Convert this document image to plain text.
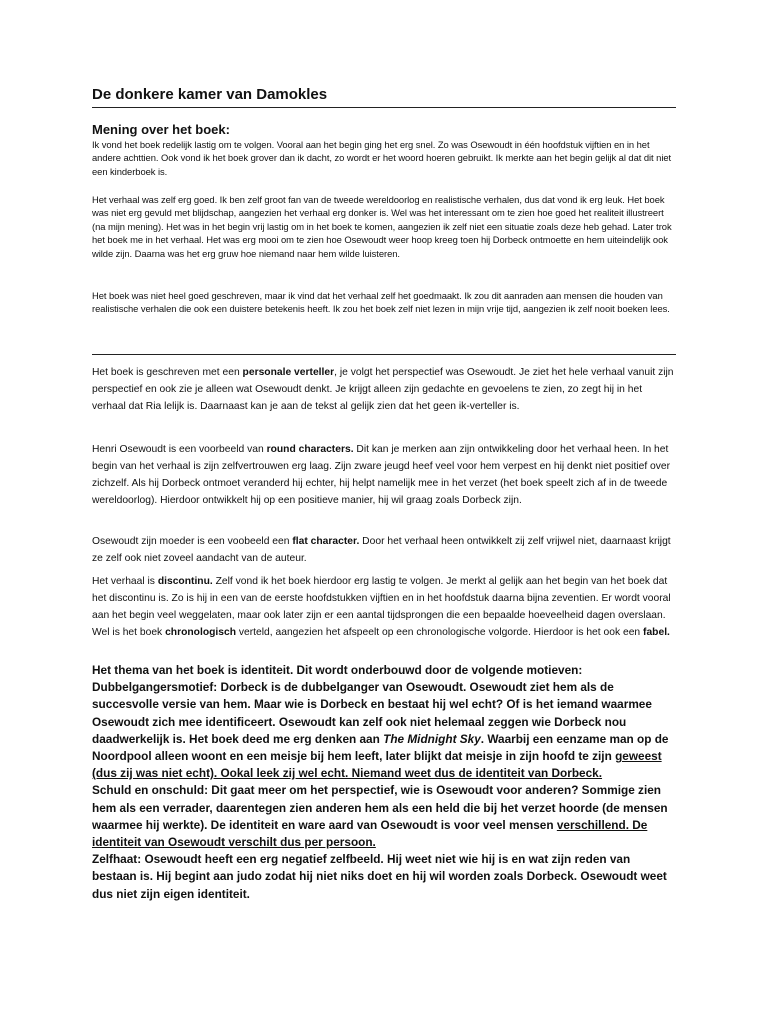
De donkere kamer van Damokles
Mening over het boek:

Ik vond het boek redelijk lastig om te volgen. Vooral aan het begin ging het erg snel. Zo was Osewoudt in één hoofdstuk vijftien en in het andere achttien. Ook vond ik het boek grover dan ik dacht, zo wordt er het woord hoeren gebruikt. Ik merkte aan het begin gelijk al dat dit niet een kinderboek is.

Het verhaal was zelf erg goed. Ik ben zelf groot fan van de tweede wereldoorlog en realistische verhalen, dus dat vond ik erg leuk. Het boek was niet erg gevuld met blijdschap, aangezien het verhaal erg donker is. Wel was het interessant om te zien hoe goed het realiteit illustreert (na mijn mening). Het was in het begin vrij lastig om in het boek te komen, aangezien ik zelf niet een situatie zoals deze heb gehad. Later trok het boek me in het verhaal. Het was erg mooi om te zien hoe Osewoudt weer hoop kreeg toen hij Dorbeck ontmoette en hem uiteindelijk ook wilde zijn. Daarna was het erg gruw hoe niemand naar hem wilde luisteren.

Het boek was niet heel goed geschreven, maar ik vind dat het verhaal zelf het goedmaakt. Ik zou dit aanraden aan mensen die houden van realistische verhalen die ook een duistere betekenis heeft. Ik zou het boek zelf niet lezen in mijn vrije tijd, aangezien ik zelf nooit boeken lees.

Het boek is geschreven met een personale verteller, je volgt het perspectief was Osewoudt. Je ziet het hele verhaal vanuit zijn perspectief en ook zie je alleen wat Osewoudt denkt. Je krijgt alleen zijn gedachte en gevoelens te zien, zo zegt hij in het verhaal dat Ria lelijk is. Daarnaast kan je aan de tekst al gelijk zien dat het geen ik-verteller is.

Henri Osewoudt is een voorbeeld van round characters. Dit kan je merken aan zijn ontwikkeling door het verhaal heen. In het begin van het verhaal is zijn zelfvertrouwen erg laag. Zijn zware jeugd heef veel voor hem verpest en hij denkt niet positief over zichzelf. Als hij Dorbeck ontmoet veranderd hij echter, hij helpt namelijk mee in het verzet (het boek speelt zich af in de tweede wereldoorlog). Hierdoor ontwikkelt hij op een positieve manier, hij wil graag zoals Dorbeck zijn.

Osewoudt zijn moeder is een voobeeld een flat character. Door het verhaal heen ontwikkelt zij zelf vrijwel niet, daarnaast krijgt ze zelf ook niet zoveel aandacht van de auteur.

Het verhaal is discontinu. Zelf vond ik het boek hierdoor erg lastig te volgen. Je merkt al gelijk aan het begin van het boek dat het discontinu is. Zo is hij in een van de eerste hoofdstukken vijftien en in het hoofdstuk daarna bijna zeventien. Er wordt vooral aan het begin veel weggelaten, maar ook later zijn er een aantal tijdsprongen die een bepaalde hoeveelheid dagen overslaan. Wel is het boek chronologisch verteld, aangezien het afspeelt op een chronologische volgorde. Hierdoor is het ook een fabel.

Het thema van het boek is identiteit. Dit wordt onderbouwd door de volgende motieven:
Dubbelgangersmotief: Dorbeck is de dubbelganger van Osewoudt. Osewoudt ziet hem als de succesvolle versie van hem. Maar wie is Dorbeck en bestaat hij wel echt? Of is het iemand waarmee Osewoudt zich mee identificeert. Osewoudt kan zelf ook niet helemaal zeggen wie Dorbeck nou daadwerkelijk is. Het boek deed me erg denken aan The Midnight Sky. Waarbij een eenzame man op de Noordpool alleen woont en een meisje bij hem leeft, later blijkt dat meisje in zijn hoofd te zijn geweest (dus zij was niet echt). Ookal leek zij wel echt. Niemand weet dus de identiteit van Dorbeck.
Schuld en onschuld: Dit gaat meer om het perspectief, wie is Osewoudt voor anderen? Sommige zien hem als een verrader, daarentegen zien anderen hem als een held die bij het verzet hoorde (de mensen waarmee hij werkte). De identiteit en ware aard van Osewoudt is voor veel mensen verschillend. De identiteit van Osewoudt verschilt dus per persoon.
Zelfhaat: Osewoudt heeft een erg negatief zelfbeeld. Hij weet niet wie hij is en wat zijn reden van bestaan is. Hij begint aan judo zodat hij niet niks doet en hij wil worden zoals Dorbeck. Osewoudt weet dus niet zijn eigen identiteit.
